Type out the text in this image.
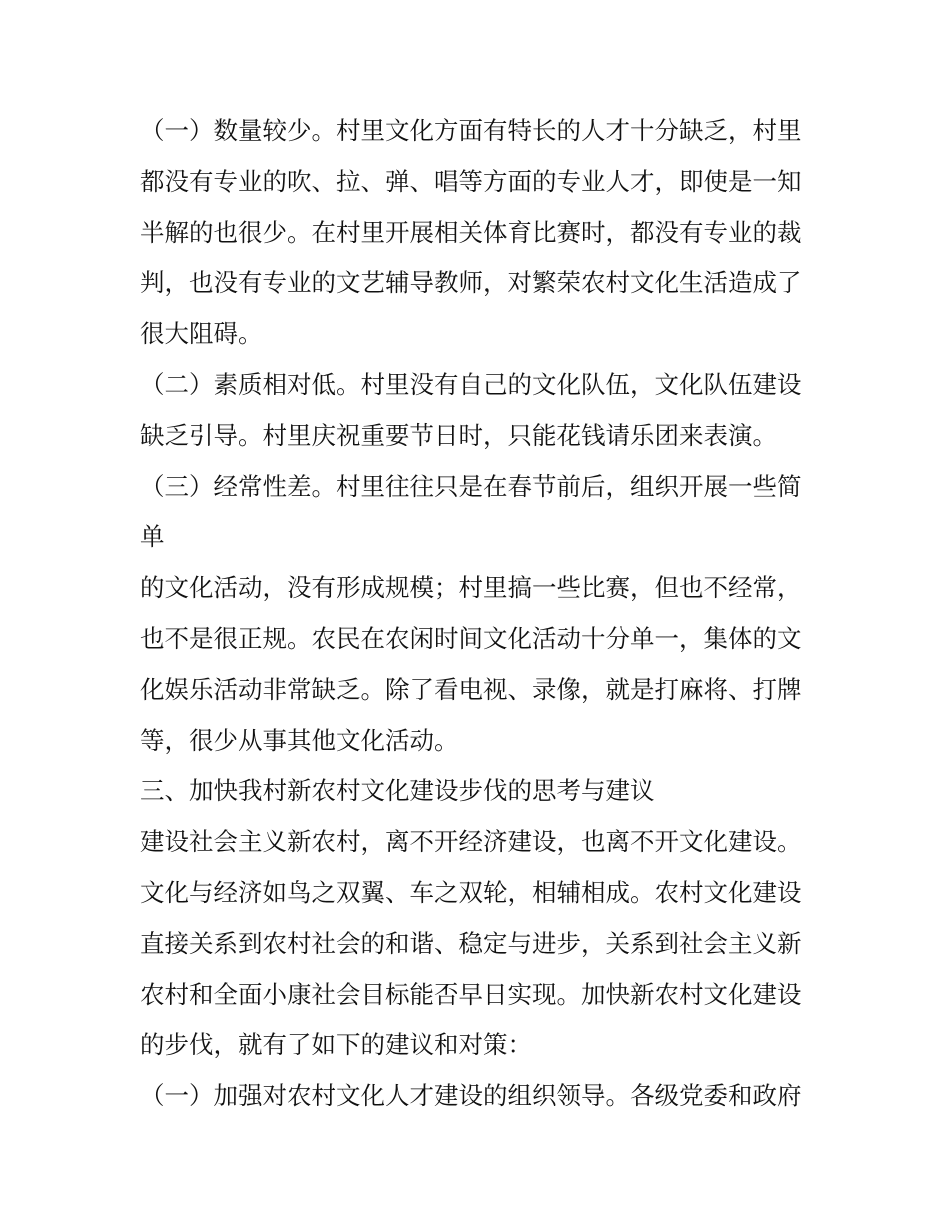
（一）数量较少。村里文化方面有特长的人才十分缺乏，村里

都没有专业的吹、拉、弹、唱等方面的专业人才，即使是一知

半解的也很少。在村里开展相关体育比赛时，都没有专业的裁

判，也没有专业的文艺辅导教师，对繁荣农村文化生活造成了

很大阻碍。

（二）素质相对低。村里没有自己的文化队伍，文化队伍建设

缺乏引导。村里庆祝重要节日时，只能花钱请乐团来表演。

（三）经常性差。村里往往只是在春节前后，组织开展一些简

单

的文化活动，没有形成规模；村里搞一些比赛，但也不经常，

也不是很正规。农民在农闲时间文化活动十分单一，集体的文

化娱乐活动非常缺乏。除了看电视、录像，就是打麻将、打牌

等，很少从事其他文化活动。

三、加快我村新农村文化建设步伐的思考与建议

建设社会主义新农村，离不开经济建设，也离不开文化建设。

文化与经济如鸟之双翼、车之双轮，相辅相成。农村文化建设

直接关系到农村社会的和谐、稳定与进步，关系到社会主义新

农村和全面小康社会目标能否早日实现。加快新农村文化建设

的步伐，就有了如下的建议和对策：

（一）加强对农村文化人才建设的组织领导。各级党委和政府
